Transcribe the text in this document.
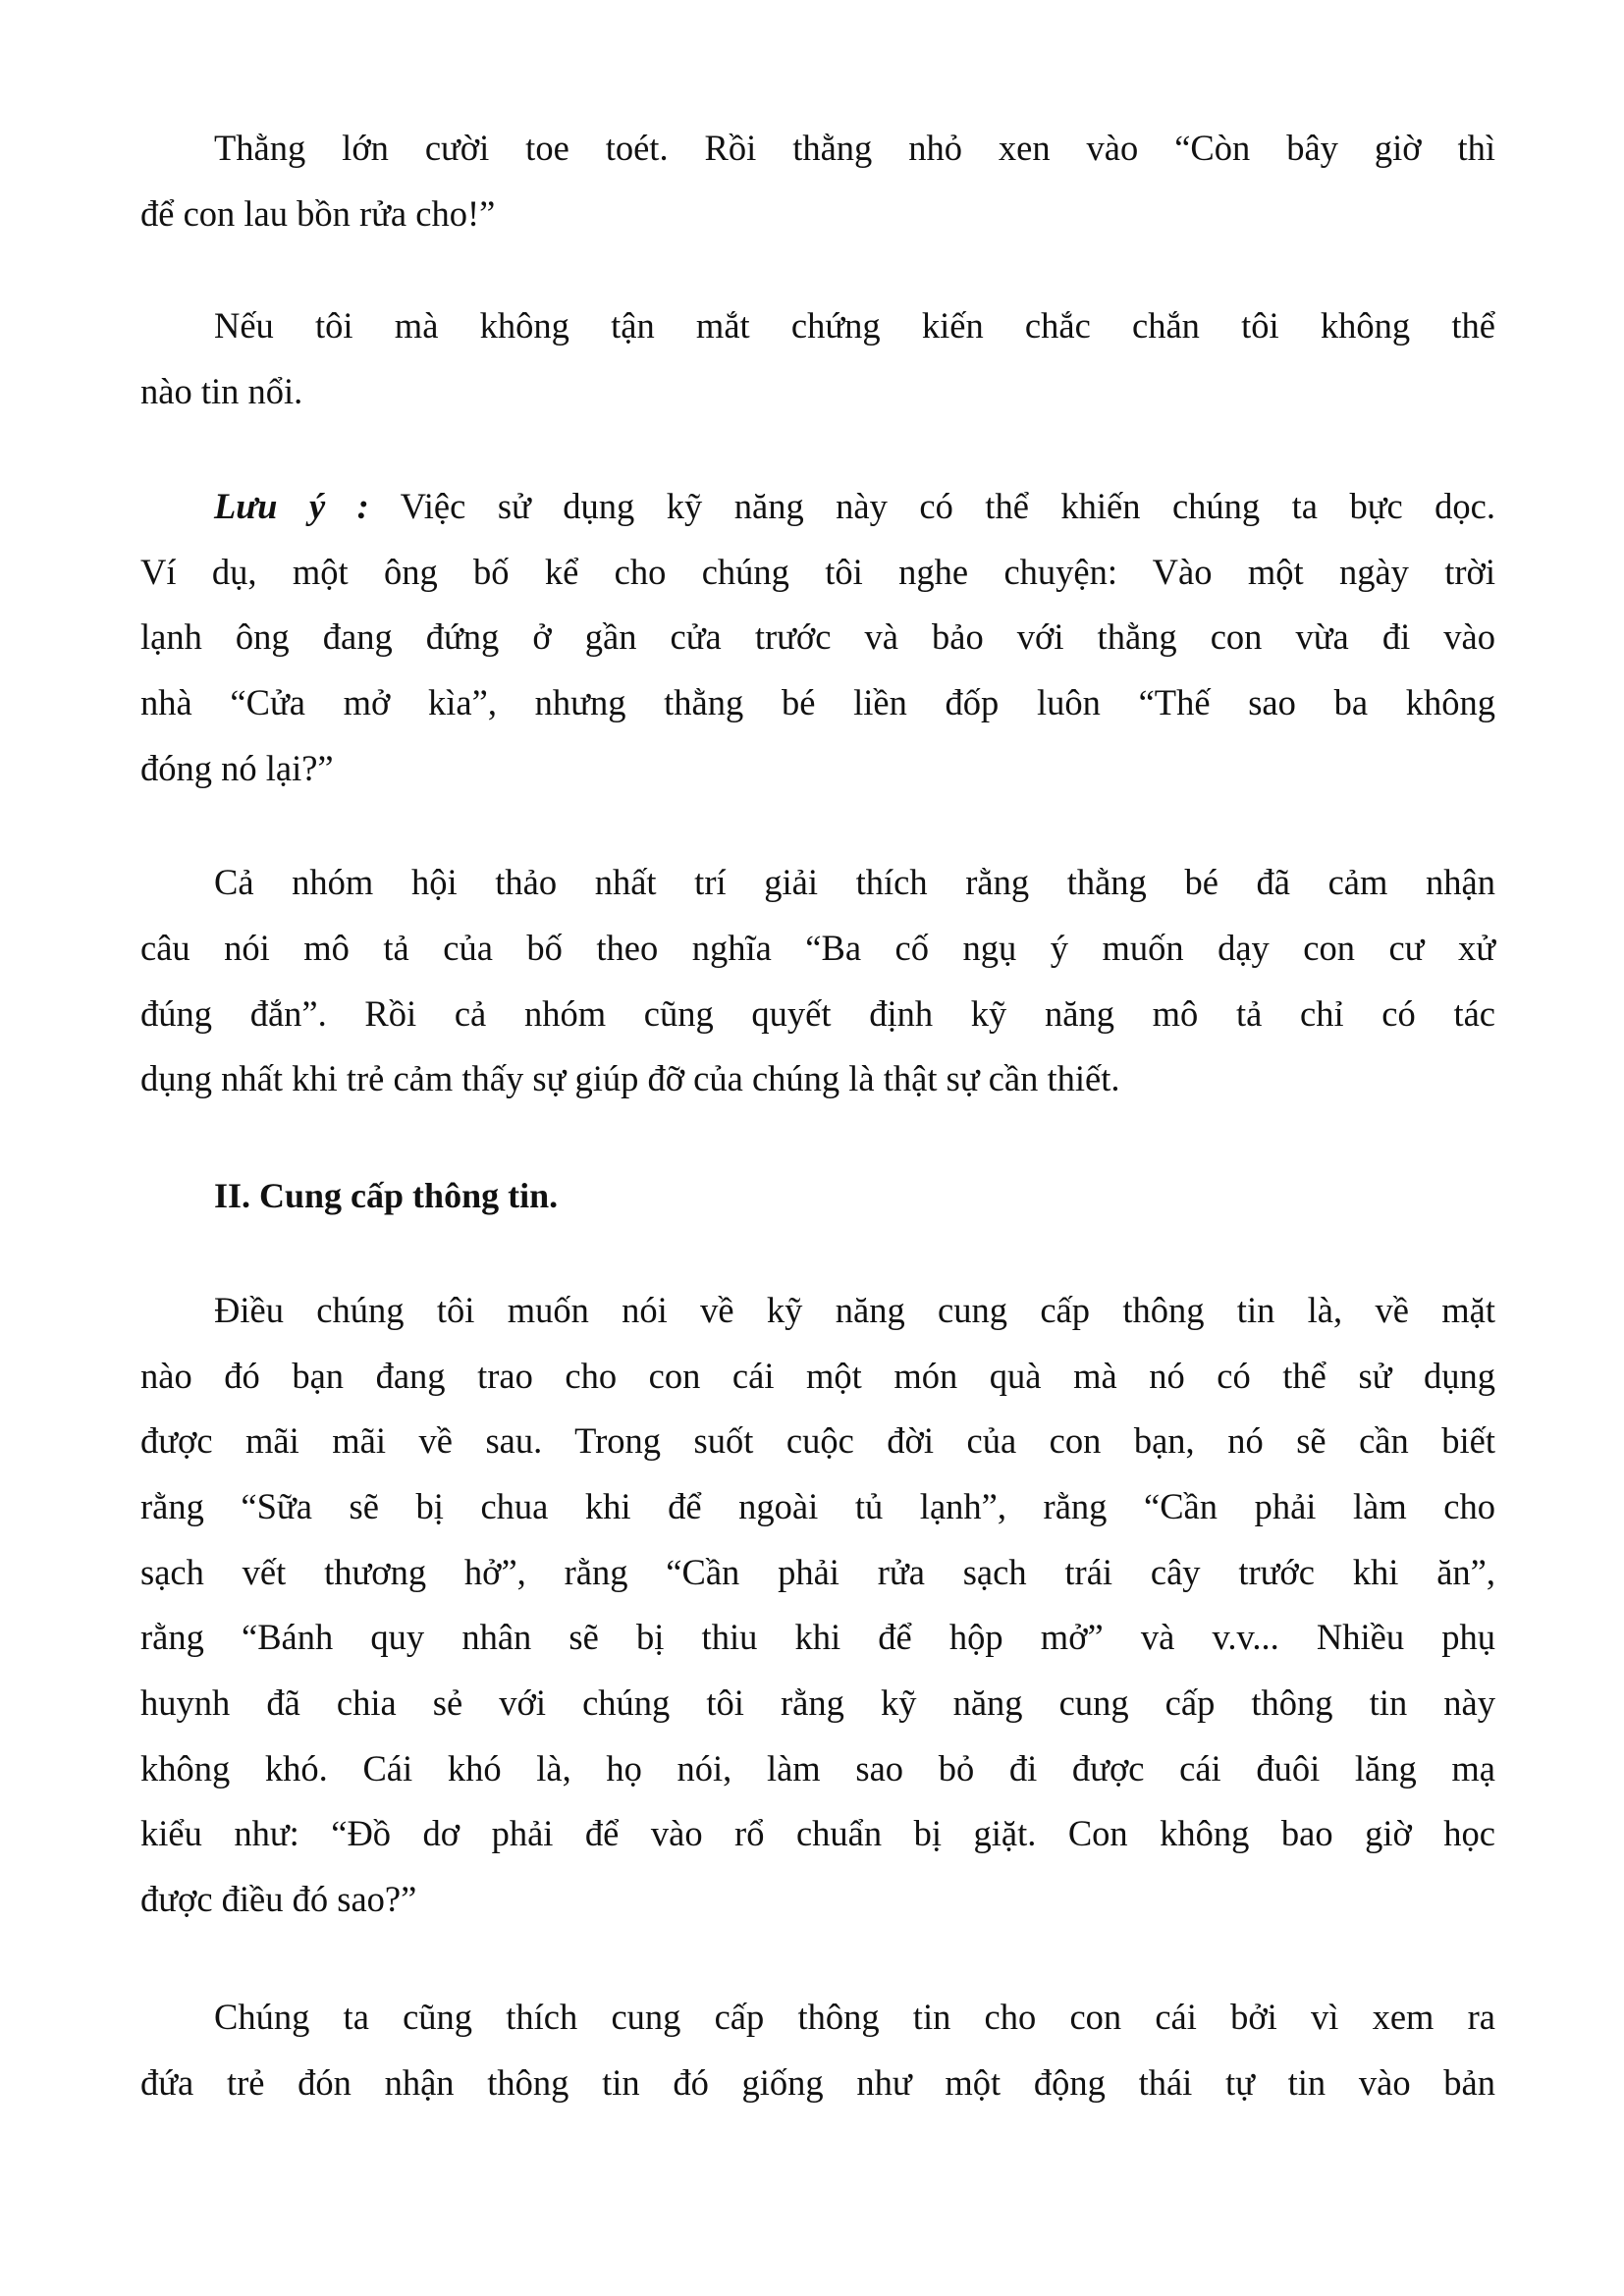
Thằng lớn cười toe toét. Rồi thằng nhỏ xen vào “Còn bây giờ thì
để con lau bồn rửa cho!”

Nếu tôi mà không tận mắt chứng kiến chắc chắn tôi không thể
nào tin nổi.

Lưu ý : Việc sử dụng kỹ năng này có thể khiến chúng ta bực dọc.
Ví dụ, một ông bố kể cho chúng tôi nghe chuyện: Vào một ngày trời
lạnh ông đang đứng ở gần cửa trước và bảo với thằng con vừa đi vào
nhà “Cửa mở kìa”, nhưng thằng bé liền đốp luôn “Thế sao ba không
đóng nó lại?”

Cả nhóm hội thảo nhất trí giải thích rằng thằng bé đã cảm nhận
câu nói mô tả của bố theo nghĩa “Ba cố ngụ ý muốn dạy con cư xử
đúng đắn”. Rồi cả nhóm cũng quyết định kỹ năng mô tả chỉ có tác
dụng nhất khi trẻ cảm thấy sự giúp đỡ của chúng là thật sự cần thiết.

II. Cung cấp thông tin.

Điều chúng tôi muốn nói về kỹ năng cung cấp thông tin là, về mặt
nào đó bạn đang trao cho con cái một món quà mà nó có thể sử dụng
được mãi mãi về sau. Trong suốt cuộc đời của con bạn, nó sẽ cần biết
rằng “Sữa sẽ bị chua khi để ngoài tủ lạnh”, rằng “Cần phải làm cho
sạch vết thương hở”, rằng “Cần phải rửa sạch trái cây trước khi ăn”,
rằng “Bánh quy nhân sẽ bị thiu khi để hộp mở” và v.v... Nhiều phụ
huynh đã chia sẻ với chúng tôi rằng kỹ năng cung cấp thông tin này
không khó. Cái khó là, họ nói, làm sao bỏ đi được cái đuôi lăng mạ
kiểu như: “Đồ dơ phải để vào rổ chuẩn bị giặt. Con không bao giờ học
được điều đó sao?”

Chúng ta cũng thích cung cấp thông tin cho con cái bởi vì xem ra
đứa trẻ đón nhận thông tin đó giống như một động thái tự tin vào bản
